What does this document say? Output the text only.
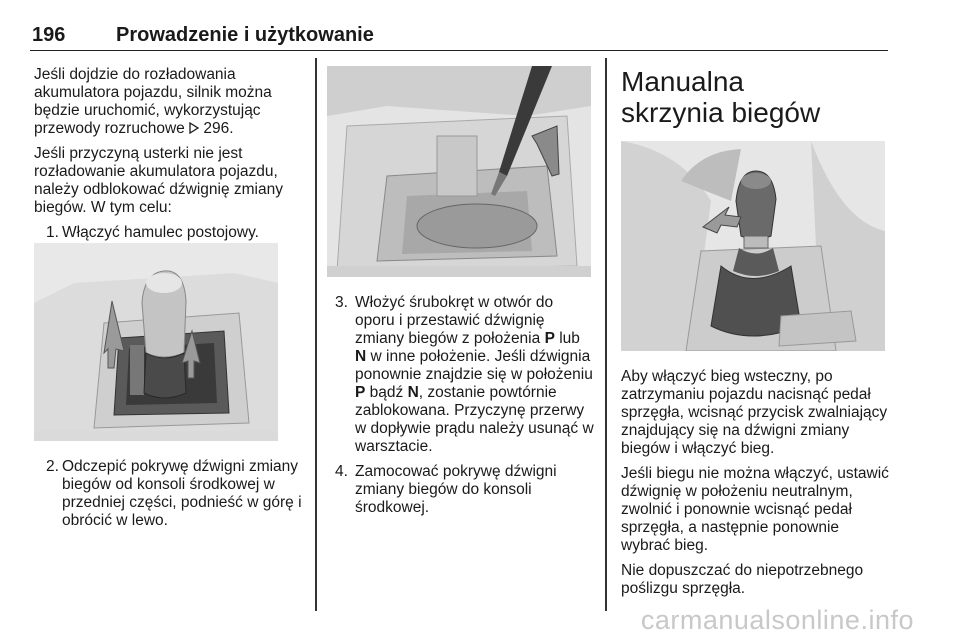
196	Prowadzenie i użytkowanie

Jeśli dojdzie do rozładowania akumulatora pojazdu, silnik można będzie uruchomić, wykorzystując przewody rozruchowe 296.

Jeśli przyczyną usterki nie jest rozładowanie akumulatora pojazdu, należy odblokować dźwignię zmiany biegów. W tym celu:

1. Włączyć hamulec postojowy.
2. Odczepić pokrywę dźwigni zmiany biegów od konsoli środkowej w przedniej części, podnieść w górę i obrócić w lewo.
3. Włożyć śrubokręt w otwór do oporu i przestawić dźwignię zmiany biegów z położenia P lub N w inne położenie. Jeśli dźwignia ponownie znajdzie się w położeniu P bądź N, zostanie powtórnie zablokowana. Przyczynę przerwy w dopływie prądu należy usunąć w warsztacie.
4. Zamocować pokrywę dźwigni zmiany biegów do konsoli środkowej.
Manualna skrzynia biegów

Aby włączyć bieg wsteczny, po zatrzymaniu pojazdu nacisnąć pedał sprzęgła, wcisnąć przycisk zwalniający znajdujący się na dźwigni zmiany biegów i włączyć bieg.

Jeśli biegu nie można włączyć, ustawić dźwignię w położeniu neutralnym, zwolnić i ponownie wcisnąć pedał sprzęgła, a następnie ponownie wybrać bieg.

Nie dopuszczać do niepotrzebnego poślizgu sprzęgła.

carmanualsonline.info
